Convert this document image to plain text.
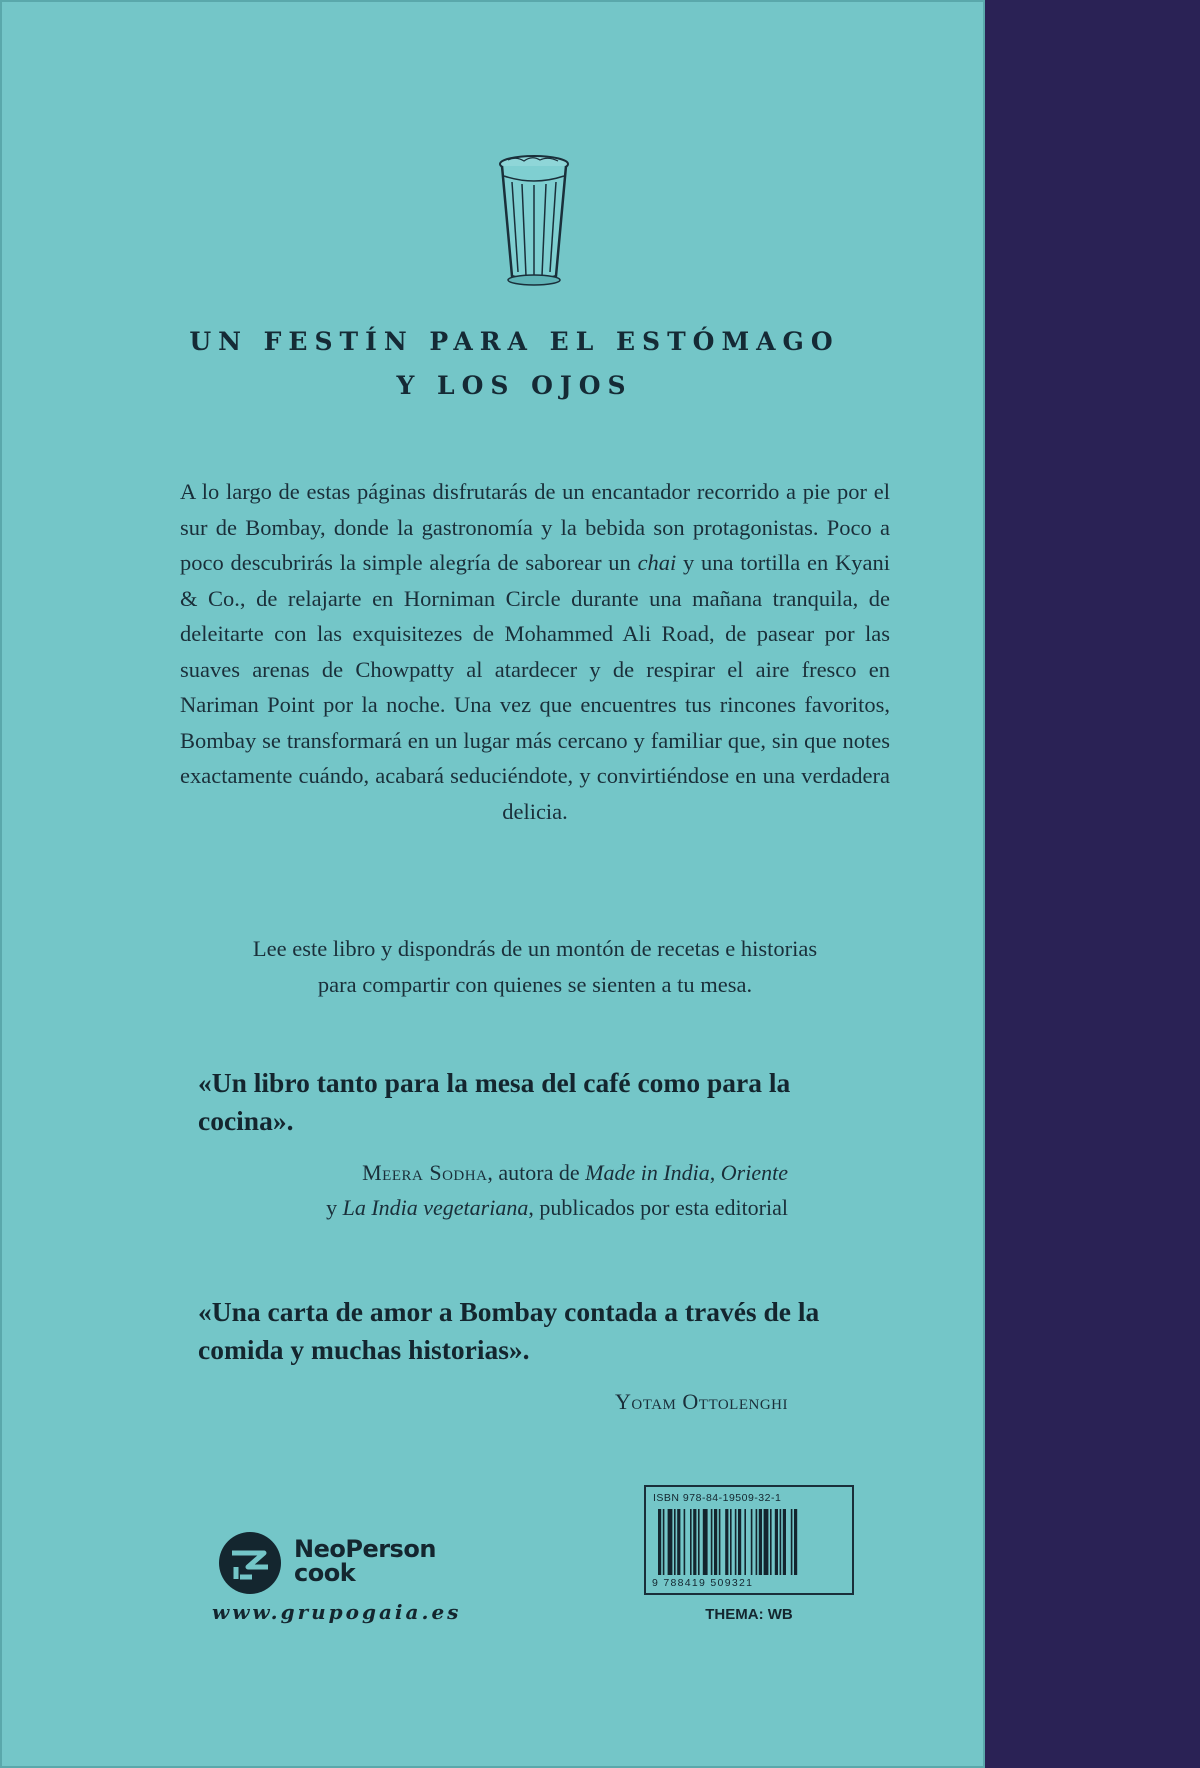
UN FESTÍN PARA EL ESTÓMAGO
Y LOS OJOS
A lo largo de estas páginas disfrutarás de un encantador recorrido a pie por el sur de Bombay, donde la gastronomía y la bebida son protagonistas. Poco a poco descubrirás la simple alegría de saborear un chai y una tortilla en Kyani & Co., de relajarte en Horniman Circle durante una mañana tranquila, de deleitarte con las exquisitezes de Mohammed Ali Road, de pasear por las suaves arenas de Chowpatty al atardecer y de respirar el aire fresco en Nariman Point por la noche. Una vez que encuentres tus rincones favoritos, Bombay se transformará en un lugar más cercano y familiar que, sin que notes exactamente cuándo, acabará seduciéndote, y convirtiéndose en una verdadera delicia.
Lee este libro y dispondrás de un montón de recetas e historias
para compartir con quienes se sienten a tu mesa.
«Un libro tanto para la mesa del café como para la cocina».
Meera Sodha, autora de Made in India, Oriente
y La India vegetariana, publicados por esta editorial
«Una carta de amor a Bombay contada a través de la comida y muchas historias».
Yotam Ottolenghi
NeoPerson
cook
www.grupogaia.es
ISBN 978-84-19509-32-1
9 788419 509321
THEMA: WB
